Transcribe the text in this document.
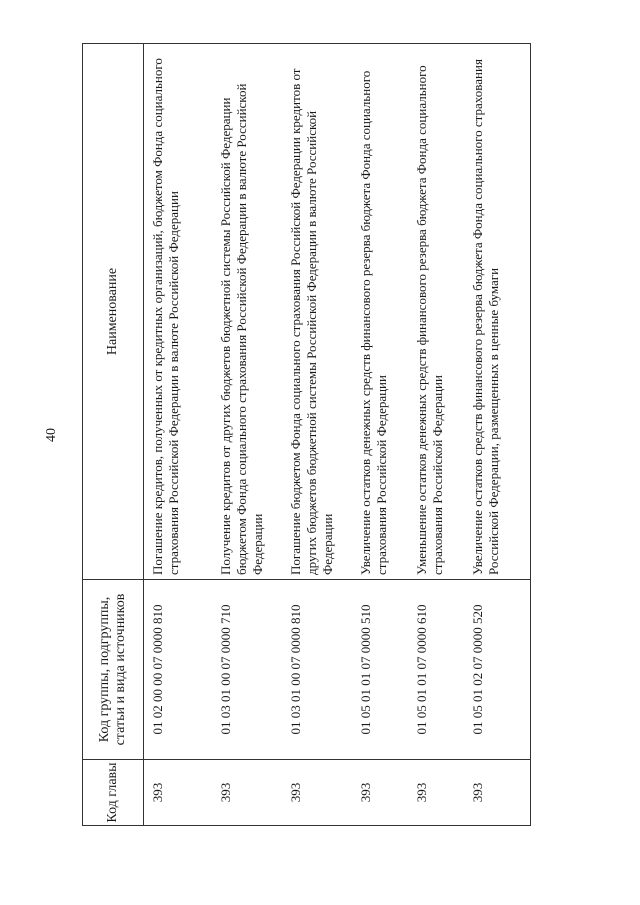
40
Код главы	Код группы, подгруппы, статьи и вида источников	Наименование
393	01 02 00 00 07 0000 810	Погашение кредитов, полученных от кредитных организаций, бюджетом Фонда социального страхования Российской Федерации в валюте Российской Федерации
393	01 03 01 00 07 0000 710	Получение кредитов от других бюджетов бюджетной системы Российской Федерации бюджетом Фонда социального страхования Российской Федерации в валюте Российской Федерации
393	01 03 01 00 07 0000 810	Погашение бюджетом Фонда социального страхования Российской Федерации кредитов от других бюджетов бюджетной системы Российской Федерации в валюте Российской Федерации
393	01 05 01 01 07 0000 510	Увеличение остатков денежных средств финансового резерва бюджета Фонда социального страхования Российской Федерации
393	01 05 01 01 07 0000 610	Уменьшение остатков денежных средств финансового резерва бюджета Фонда социального страхования Российской Федерации
393	01 05 01 02 07 0000 520	Увеличение остатков средств финансового резерва бюджета Фонда социального страхования Российской Федерации, размещенных в ценные бумаги
